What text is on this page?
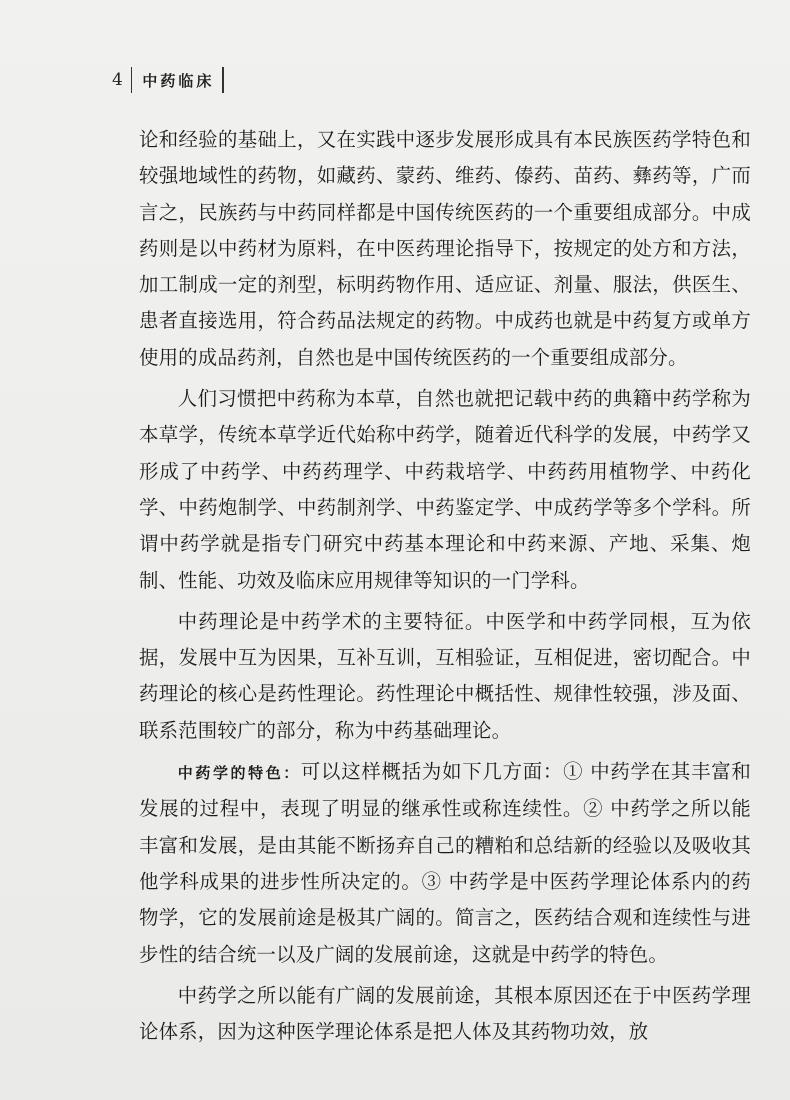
4	中药临床

论和经验的基础上，又在实践中逐步发展形成具有本民族医药学特色和较强地域性的药物，如藏药、蒙药、维药、傣药、苗药、彝药等，广而言之，民族药与中药同样都是中国传统医药的一个重要组成部分。中成药则是以中药材为原料，在中医药理论指导下，按规定的处方和方法，加工制成一定的剂型，标明药物作用、适应证、剂量、服法，供医生、患者直接选用，符合药品法规定的药物。中成药也就是中药复方或单方使用的成品药剂，自然也是中国传统医药的一个重要组成部分。

人们习惯把中药称为本草，自然也就把记载中药的典籍中药学称为本草学，传统本草学近代始称中药学，随着近代科学的发展，中药学又形成了中药学、中药药理学、中药栽培学、中药药用植物学、中药化学、中药炮制学、中药制剂学、中药鉴定学、中成药学等多个学科。所谓中药学就是指专门研究中药基本理论和中药来源、产地、采集、炮制、性能、功效及临床应用规律等知识的一门学科。

中药理论是中药学术的主要特征。中医学和中药学同根，互为依据，发展中互为因果，互补互训，互相验证，互相促进，密切配合。中药理论的核心是药性理论。药性理论中概括性、规律性较强，涉及面、联系范围较广的部分，称为中药基础理论。

中药学的特色：可以这样概括为如下几方面：① 中药学在其丰富和发展的过程中，表现了明显的继承性或称连续性。② 中药学之所以能丰富和发展，是由其能不断扬弃自己的糟粕和总结新的经验以及吸收其他学科成果的进步性所决定的。③ 中药学是中医药学理论体系内的药物学，它的发展前途是极其广阔的。简言之，医药结合观和连续性与进步性的结合统一以及广阔的发展前途，这就是中药学的特色。

中药学之所以能有广阔的发展前途，其根本原因还在于中医药学理论体系，因为这种医学理论体系是把人体及其药物功效，放
